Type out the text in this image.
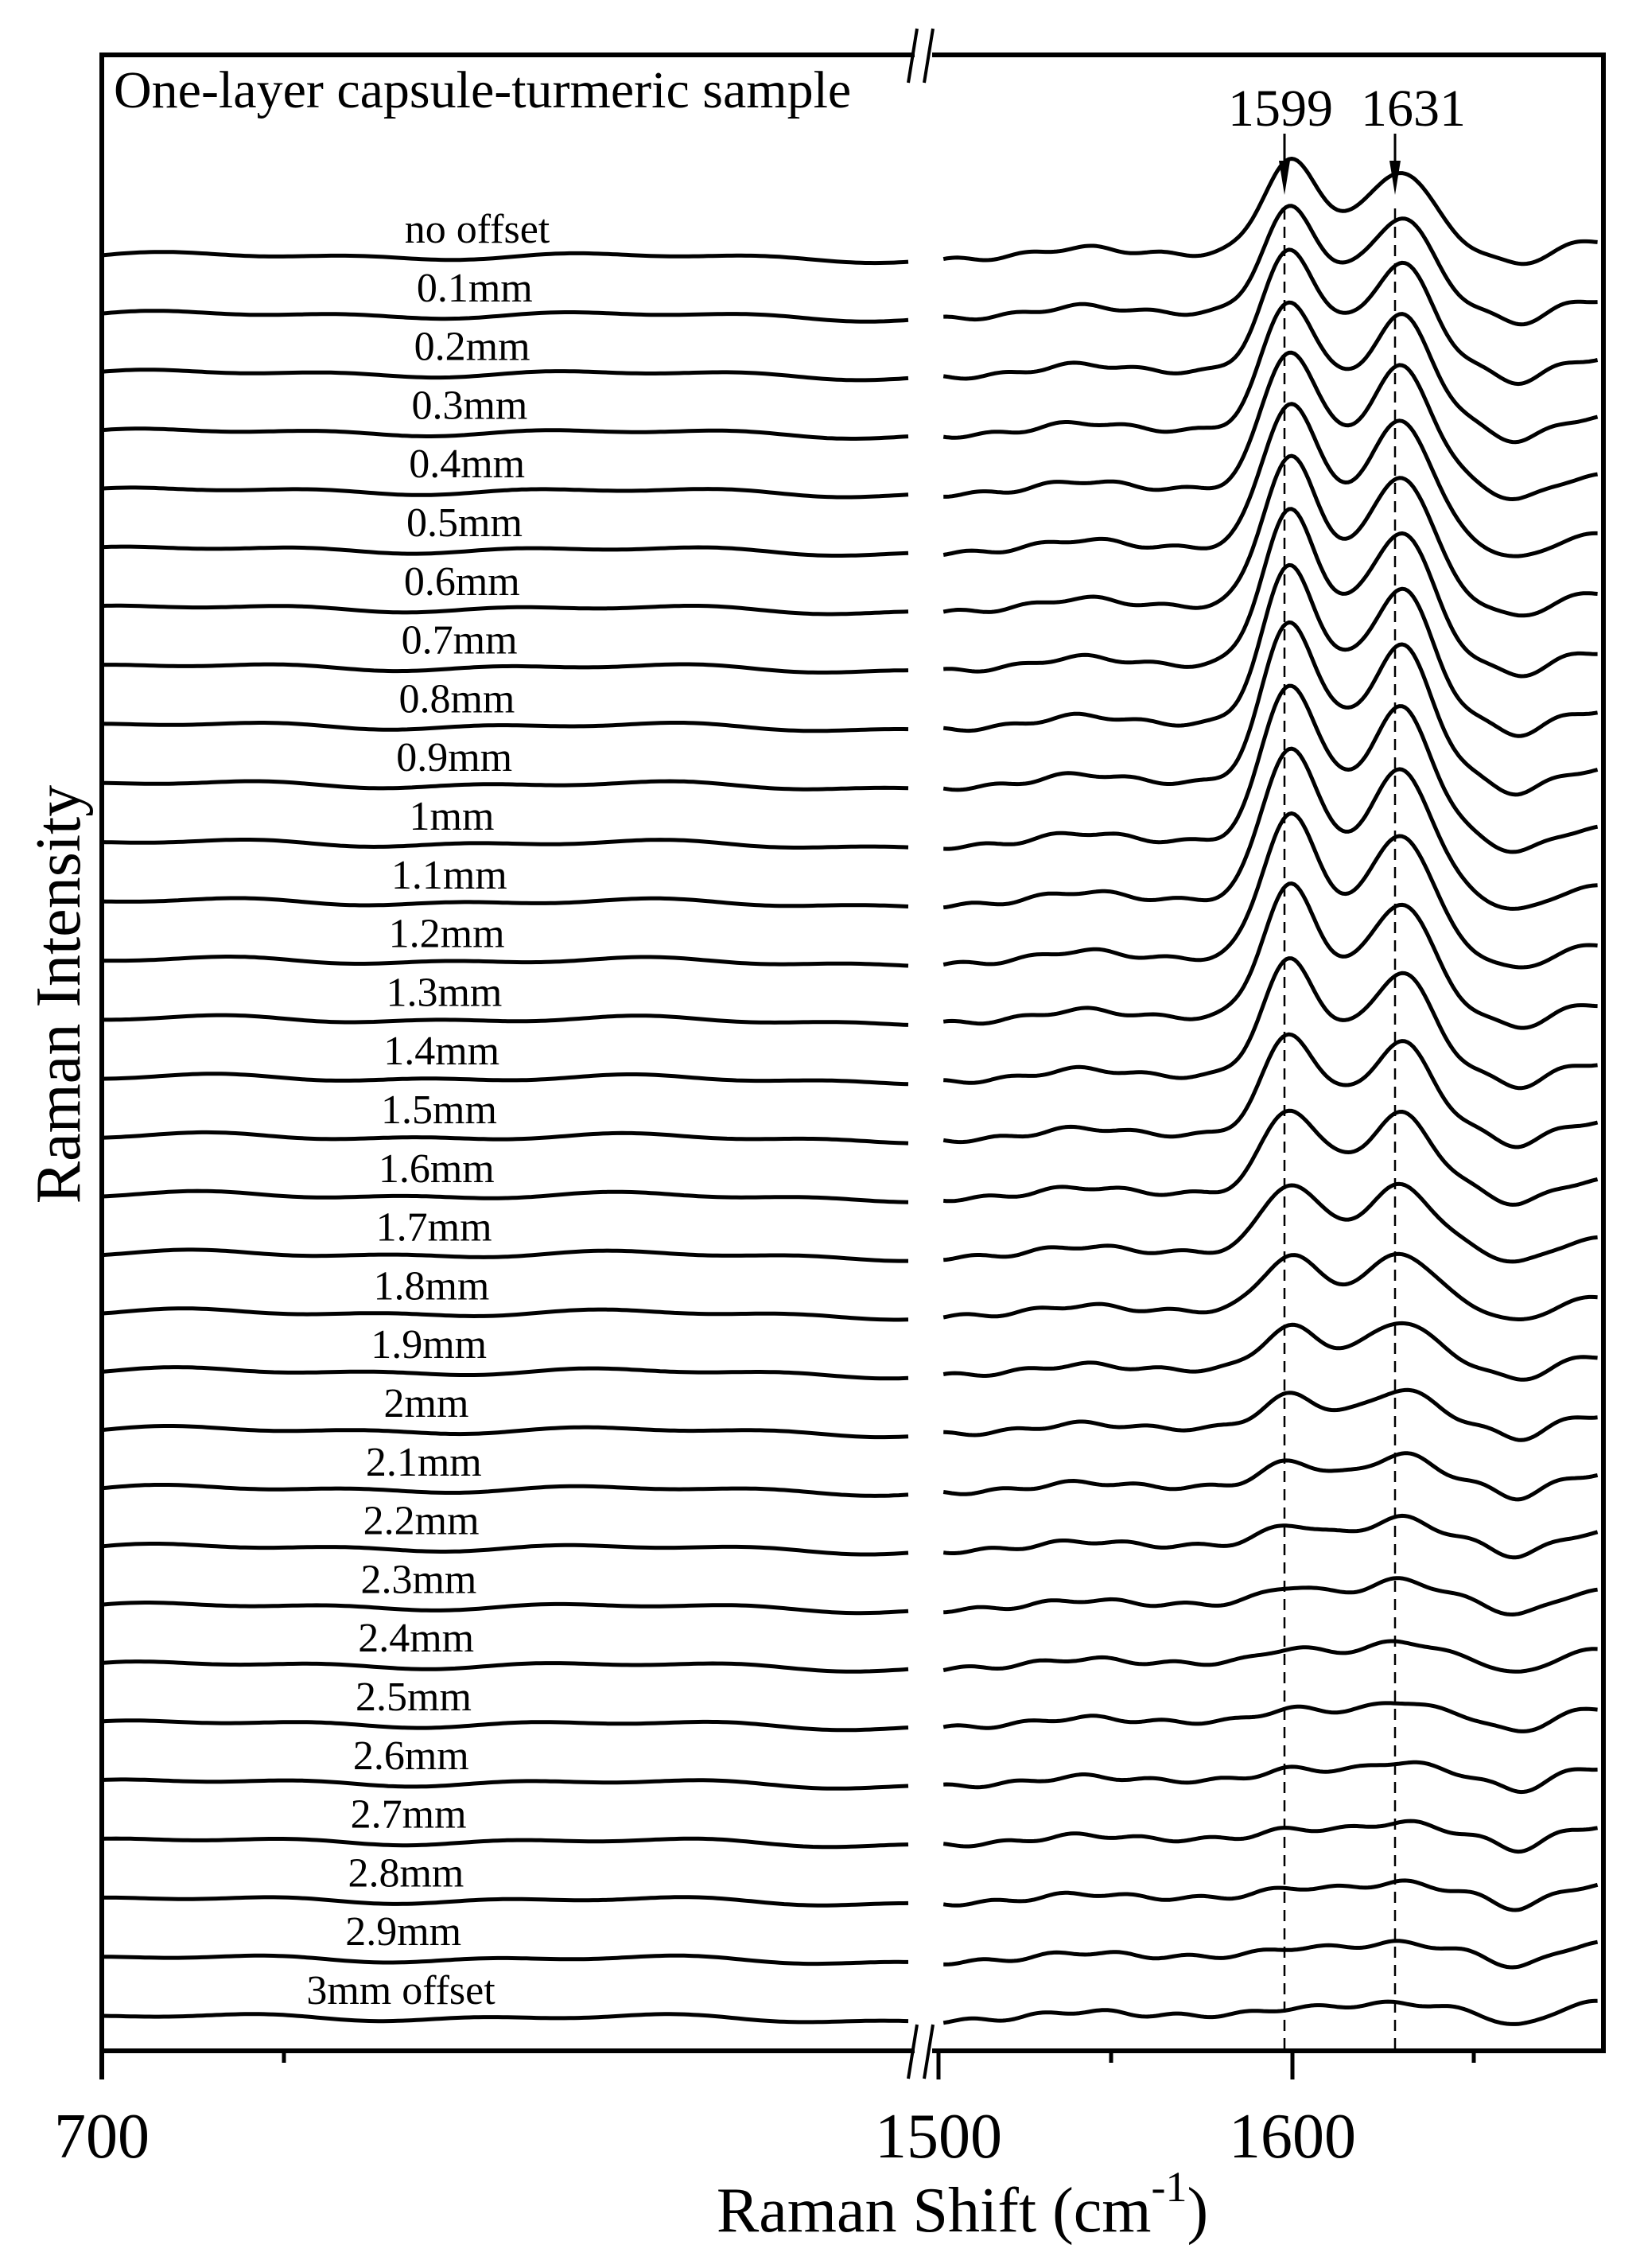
no offset
0.1mm
0.2mm
0.3mm
0.4mm
0.5mm
0.6mm
0.7mm
0.8mm
0.9mm
1mm
1.1mm
1.2mm
1.3mm
1.4mm
1.5mm
1.6mm
1.7mm
1.8mm
1.9mm
2mm
2.1mm
2.2mm
2.3mm
2.4mm
2.5mm
2.6mm
2.7mm
2.8mm
2.9mm
3mm offset
1599 1631
700	1500	1600
One-layer capsule-turmeric sample
Raman Intensity
Raman Shift $(cm^{-1})$
